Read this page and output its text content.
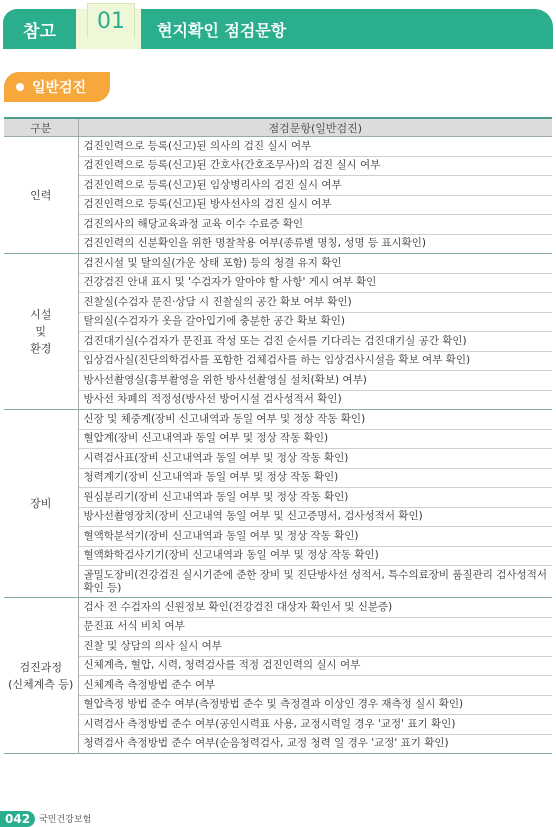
참고	01	현지확인 점검문항
일반검진
구분	점검문항(일반검진)
인력	검진인력으로 등록(신고)된 의사의 검진 실시 여부
	검진인력으로 등록(신고)된 간호사(간호조무사)의 검진 실시 여부
	검진인력으로 등록(신고)된 임상병리사의 검진 실시 여부
	검진인력으로 등록(신고)된 방사선사의 검진 실시 여부
	검진의사의 해당교육과정 교육 이수 수료증 확인
	검진인력의 신분확인을 위한 명찰착용 여부(종류별 명칭, 성명 등 표시확인)
시설
및
환경	검진시설 및 탈의실(가운 상태 포함) 등의 청결 유지 확인
	건강검진 안내 표시 및 '수검자가 알아야 할 사항' 게시 여부 확인
	진찰실(수검자 문진·상담 시 진찰실의 공간 확보 여부 확인)
	탈의실(수검자가 옷을 갈아입기에 충분한 공간 확보 확인)
	검진대기실(수검자가 문진표 작성 또는 검진 순서를 기다리는 검진대기실 공간 확인)
	임상검사실(진단의학검사를 포함한 검체검사를 하는 임상검사시설을 확보 여부 확인)
	방사선촬영실(흉부촬영을 위한 방사선촬영실 설치(확보) 여부)
	방사선 차폐의 적정성(방사선 방어시설 검사성적서 확인)
장비	신장 및 체중계(장비 신고내역과 동일 여부 및 정상 작동 확인)
	혈압계(장비 신고내역과 동일 여부 및 정상 작동 확인)
	시력검사표(장비 신고내역과 동일 여부 및 정상 작동 확인)
	청력계기(장비 신고내역과 동일 여부 및 정상 작동 확인)
	원심분리기(장비 신고내역과 동일 여부 및 정상 작동 확인)
	방사선촬영장치(장비 신고내역 동일 여부 및 신고증명서, 검사성적서 확인)
	혈액학분석기(장비 신고내역과 동일 여부 및 정상 작동 확인)
	혈액화학검사기기(장비 신고내역과 동일 여부 및 정상 작동 확인)
	골밀도장비(건강검진 실시기준에 준한 장비 및 진단방사선 성적서, 특수의료장비 품질관리 검사성적서 확인 등)
검진과정
(신체계측 등)	검사 전 수검자의 신원정보 확인(건강검진 대상자 확인서 및 신분증)
	문진표 서식 비치 여부
	진찰 및 상담의 의사 실시 여부
	신체계측, 혈압, 시력, 청력검사를 적정 검진인력의 실시 여부
	신체계측 측정방법 준수 여부
	혈압측정 방법 준수 여부(측정방법 준수 및 측정결과 이상인 경우 재측정 실시 확인)
	시력검사 측정방법 준수 여부(공인시력표 사용, 교정시력일 경우 '교정' 표기 확인)
	청력검사 측정방법 준수 여부(순음청력검사, 교정 청력 일 경우 '교정' 표기 확인)
042	국민건강보험
